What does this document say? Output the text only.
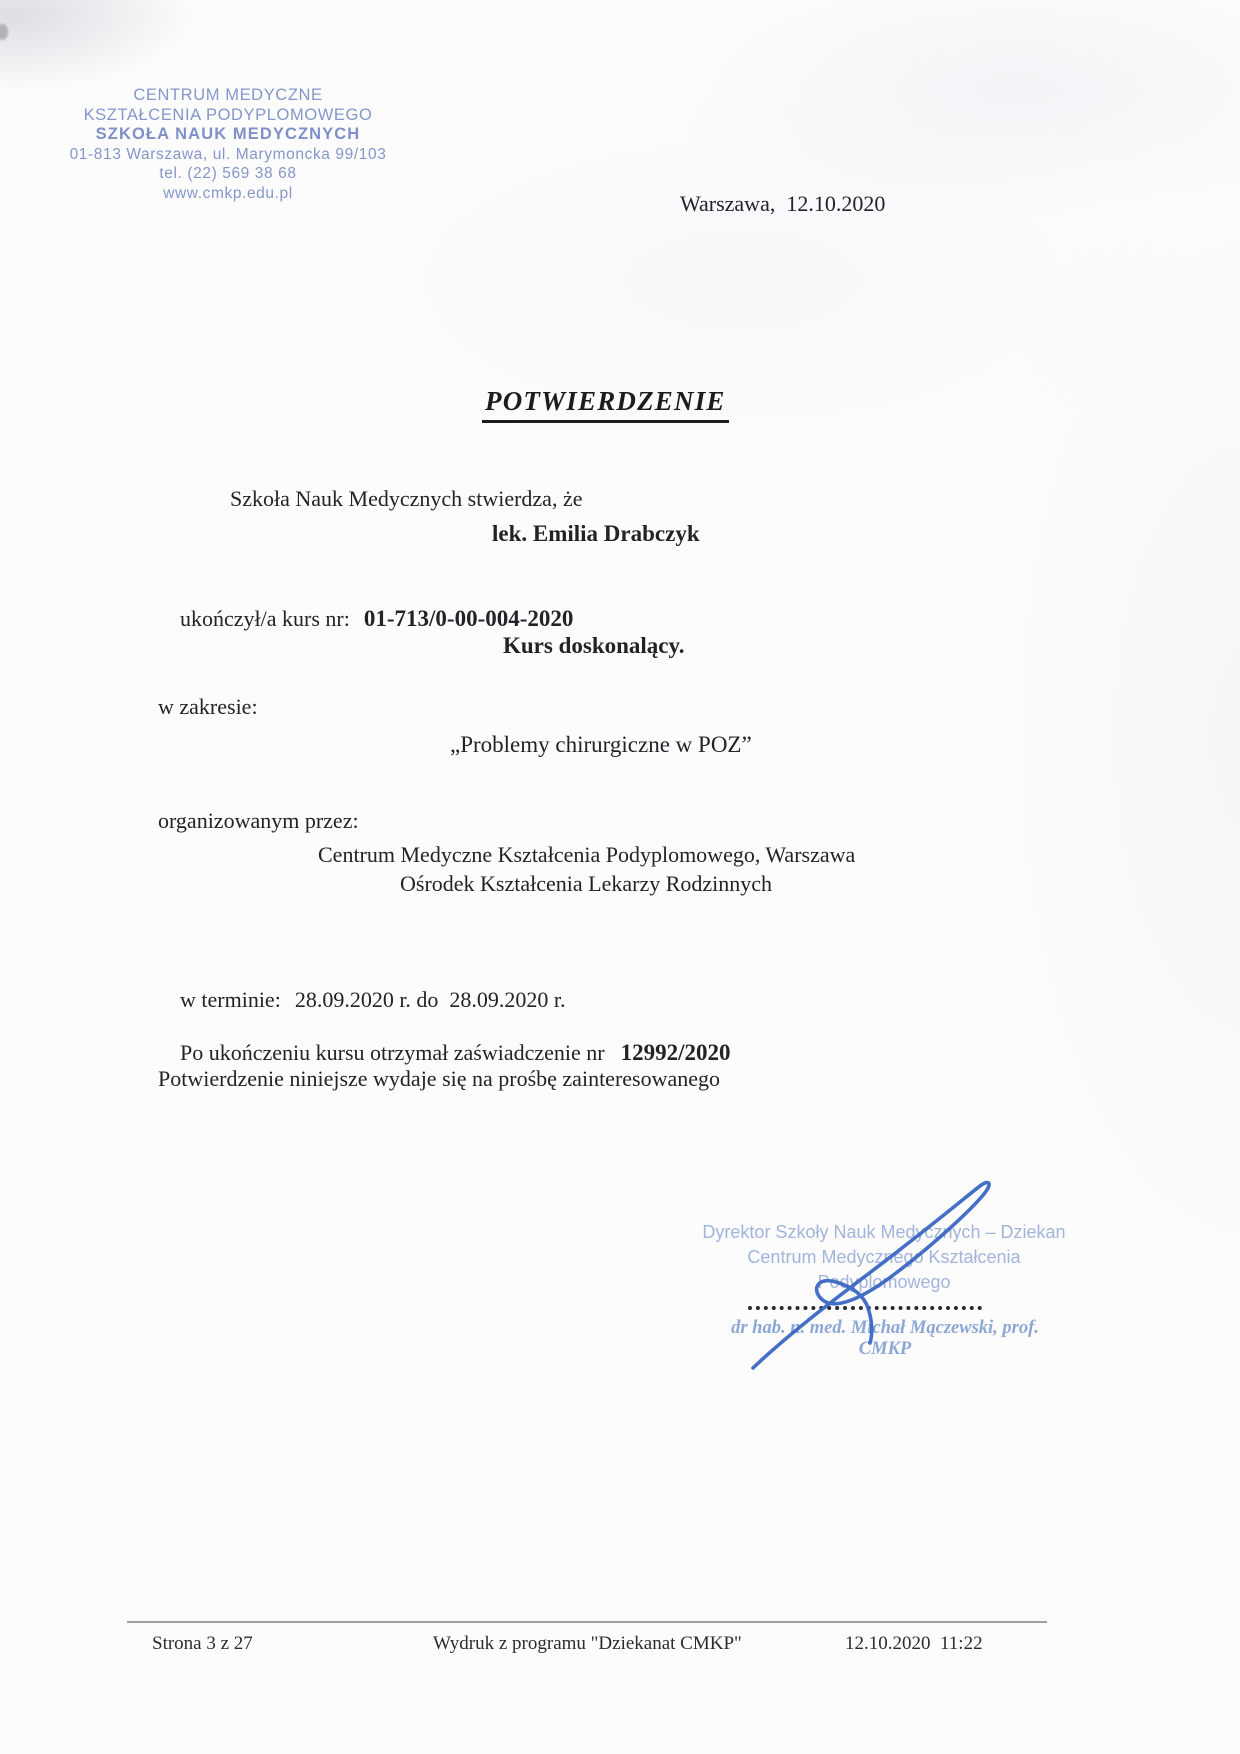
CENTRUM MEDYCZNE
KSZTAŁCENIA PODYPLOMOWEGO
SZKOŁA NAUK MEDYCZNYCH
01-813 Warszawa, ul. Marymoncka 99/103
tel. (22) 569 38 68
www.cmkp.edu.pl	Warszawa,  12.10.2020
POTWIERDZENIE
Szkoła Nauk Medycznych stwierdza, że
lek. Emilia Drabczyk

ukończył/a kurs nr: 01-713/0-00-004-2020

Kurs doskonalący.
w zakresie:
„Problemy chirurgiczne w POZ”
organizowanym przez:
Centrum Medyczne Kształcenia Podyplomowego, Warszawa
Ośrodek Kształcenia Lekarzy Rodzinnych

w terminie: 28.09.2020 r. do  28.09.2020 r.

Po ukończeniu kursu otrzymał zaświadczenie nr 12992/2020

Potwierdzenie niniejsze wydaje się na prośbę zainteresowanego
Dyrektor Szkoły Nauk Medycznych – Dziekan
Centrum Medycznego Kształcenia Podyplomowego
dr hab. n. med. Michał Mączewski, prof. CMKP
Strona 3 z 27	Wydruk z programu "Dziekanat CMKP"	12.10.2020  11:22
